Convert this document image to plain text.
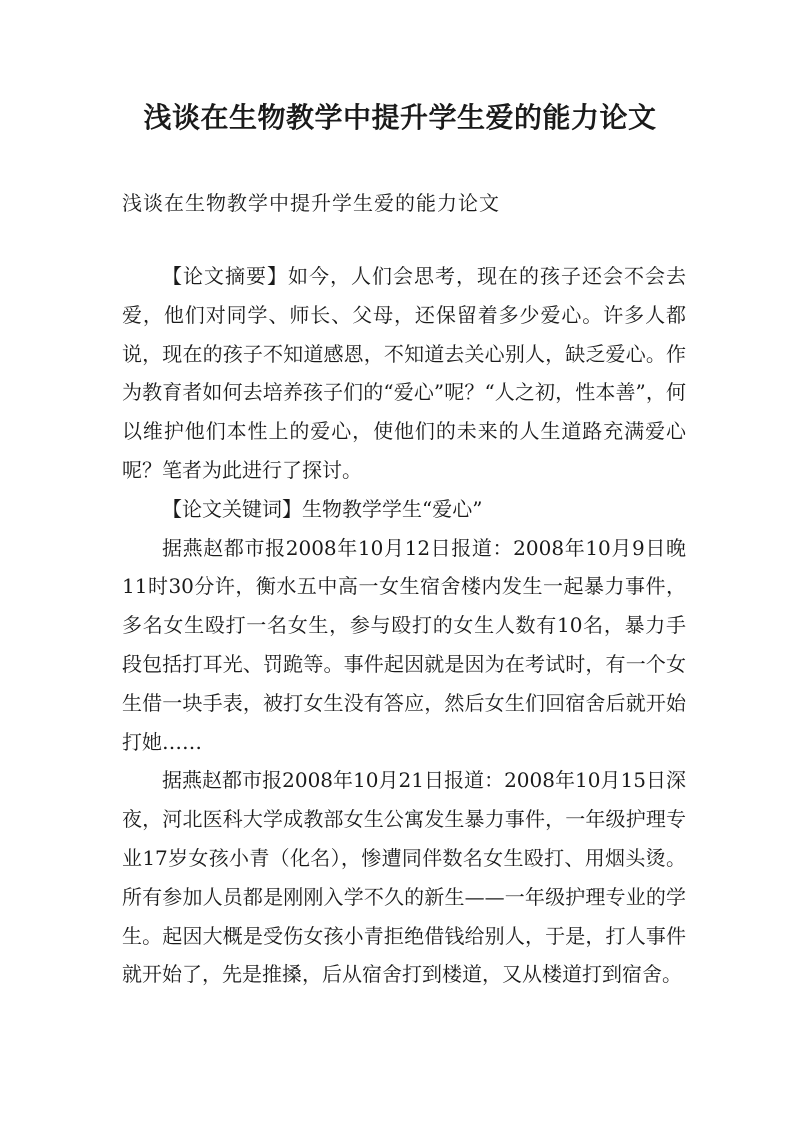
浅谈在生物教学中提升学生爱的能力论文
浅谈在生物教学中提升学生爱的能力论文

【论文摘要】如今，人们会思考，现在的孩子还会不会去爱，他们对同学、师长、父母，还保留着多少爱心。许多人都说，现在的孩子不知道感恩，不知道去关心别人，缺乏爱心。作为教育者如何去培养孩子们的“爱心”呢？“人之初，性本善”，何以维护他们本性上的爱心，使他们的未来的人生道路充满爱心呢？笔者为此进行了探讨。

【论文关键词】生物教学学生“爱心”

据燕赵都市报2008年10月12日报道：2008年10月9日晚11时30分许，衡水五中高一女生宿舍楼内发生一起暴力事件，多名女生殴打一名女生，参与殴打的女生人数有10名，暴力手段包括打耳光、罚跪等。事件起因就是因为在考试时，有一个女生借一块手表，被打女生没有答应，然后女生们回宿舍后就开始打她……

据燕赵都市报2008年10月21日报道：2008年10月15日深夜，河北医科大学成教部女生公寓发生暴力事件，一年级护理专业17岁女孩小青（化名），惨遭同伴数名女生殴打、用烟头烫。所有参加人员都是刚刚入学不久的新生——一年级护理专业的学生。起因大概是受伤女孩小青拒绝借钱给别人，于是，打人事件就开始了，先是推搡，后从宿舍打到楼道，又从楼道打到宿舍。
